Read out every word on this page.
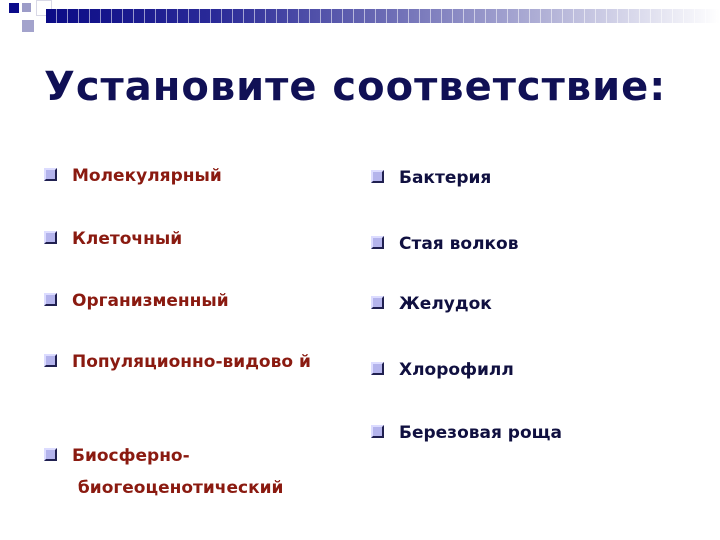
Установите соответствие:
Молекулярный
Клеточный
Организменный
Популяционно-видово й
Биосферно- биогеоценотический
Бактерия
Стая волков
Желудок
Хлорофилл
Березовая роща
